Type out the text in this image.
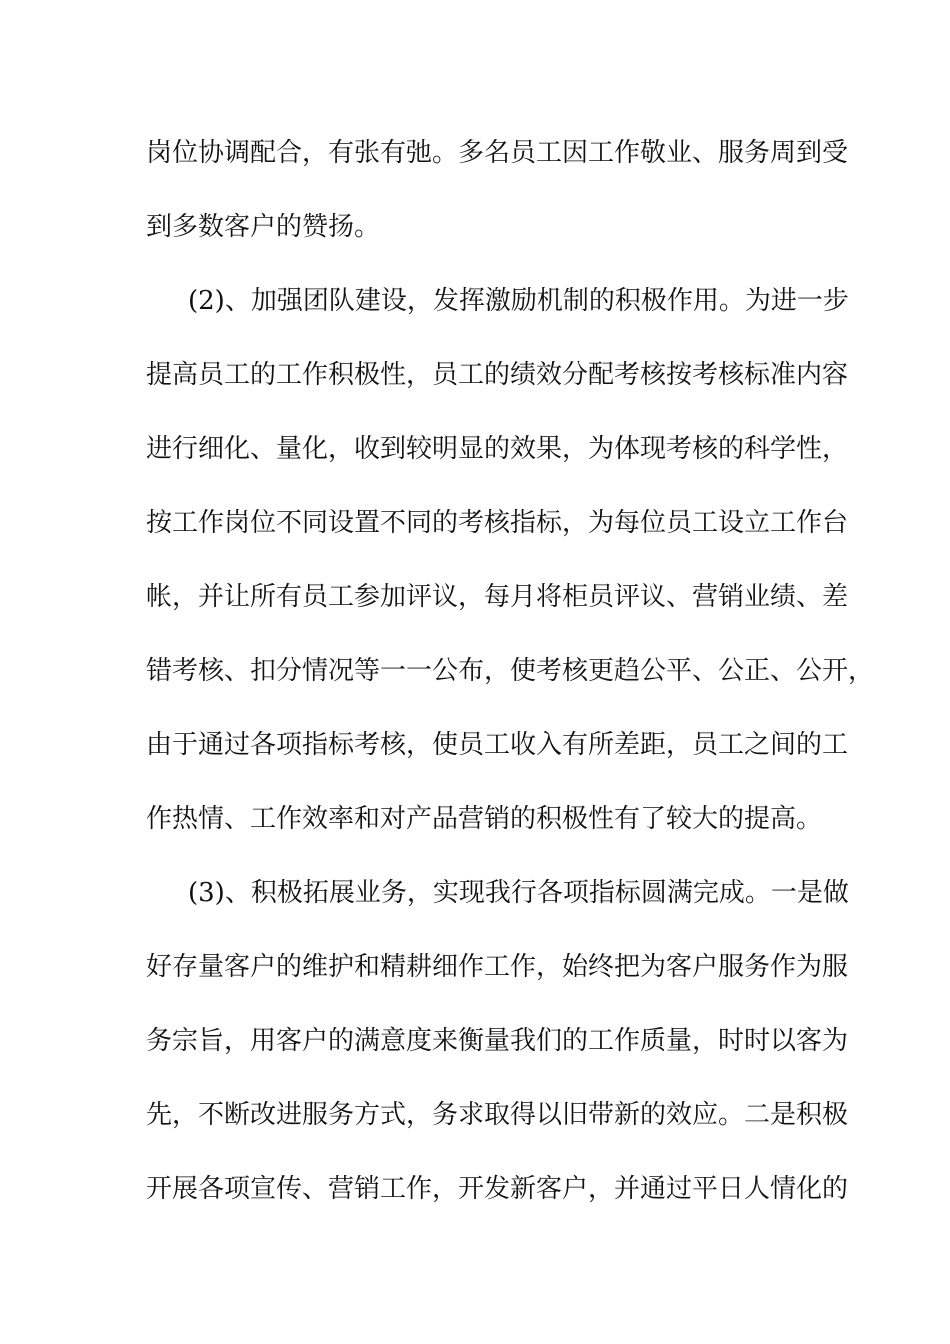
岗位协调配合，有张有弛。多名员工因工作敬业、服务周到受
到多数客户的赞扬。
(2)、加强团队建设，发挥激励机制的积极作用。为进一步
提高员工的工作积极性，员工的绩效分配考核按考核标准内容
进行细化、量化，收到较明显的效果，为体现考核的科学性，
按工作岗位不同设置不同的考核指标，为每位员工设立工作台
帐，并让所有员工参加评议，每月将柜员评议、营销业绩、差
错考核、扣分情况等一一公布，使考核更趋公平、公正、公开，
由于通过各项指标考核，使员工收入有所差距，员工之间的工
作热情、工作效率和对产品营销的积极性有了较大的提高。
(3)、积极拓展业务，实现我行各项指标圆满完成。一是做
好存量客户的维护和精耕细作工作，始终把为客户服务作为服
务宗旨，用客户的满意度来衡量我们的工作质量，时时以客为
先，不断改进服务方式，务求取得以旧带新的效应。二是积极
开展各项宣传、营销工作，开发新客户，并通过平日人情化的
